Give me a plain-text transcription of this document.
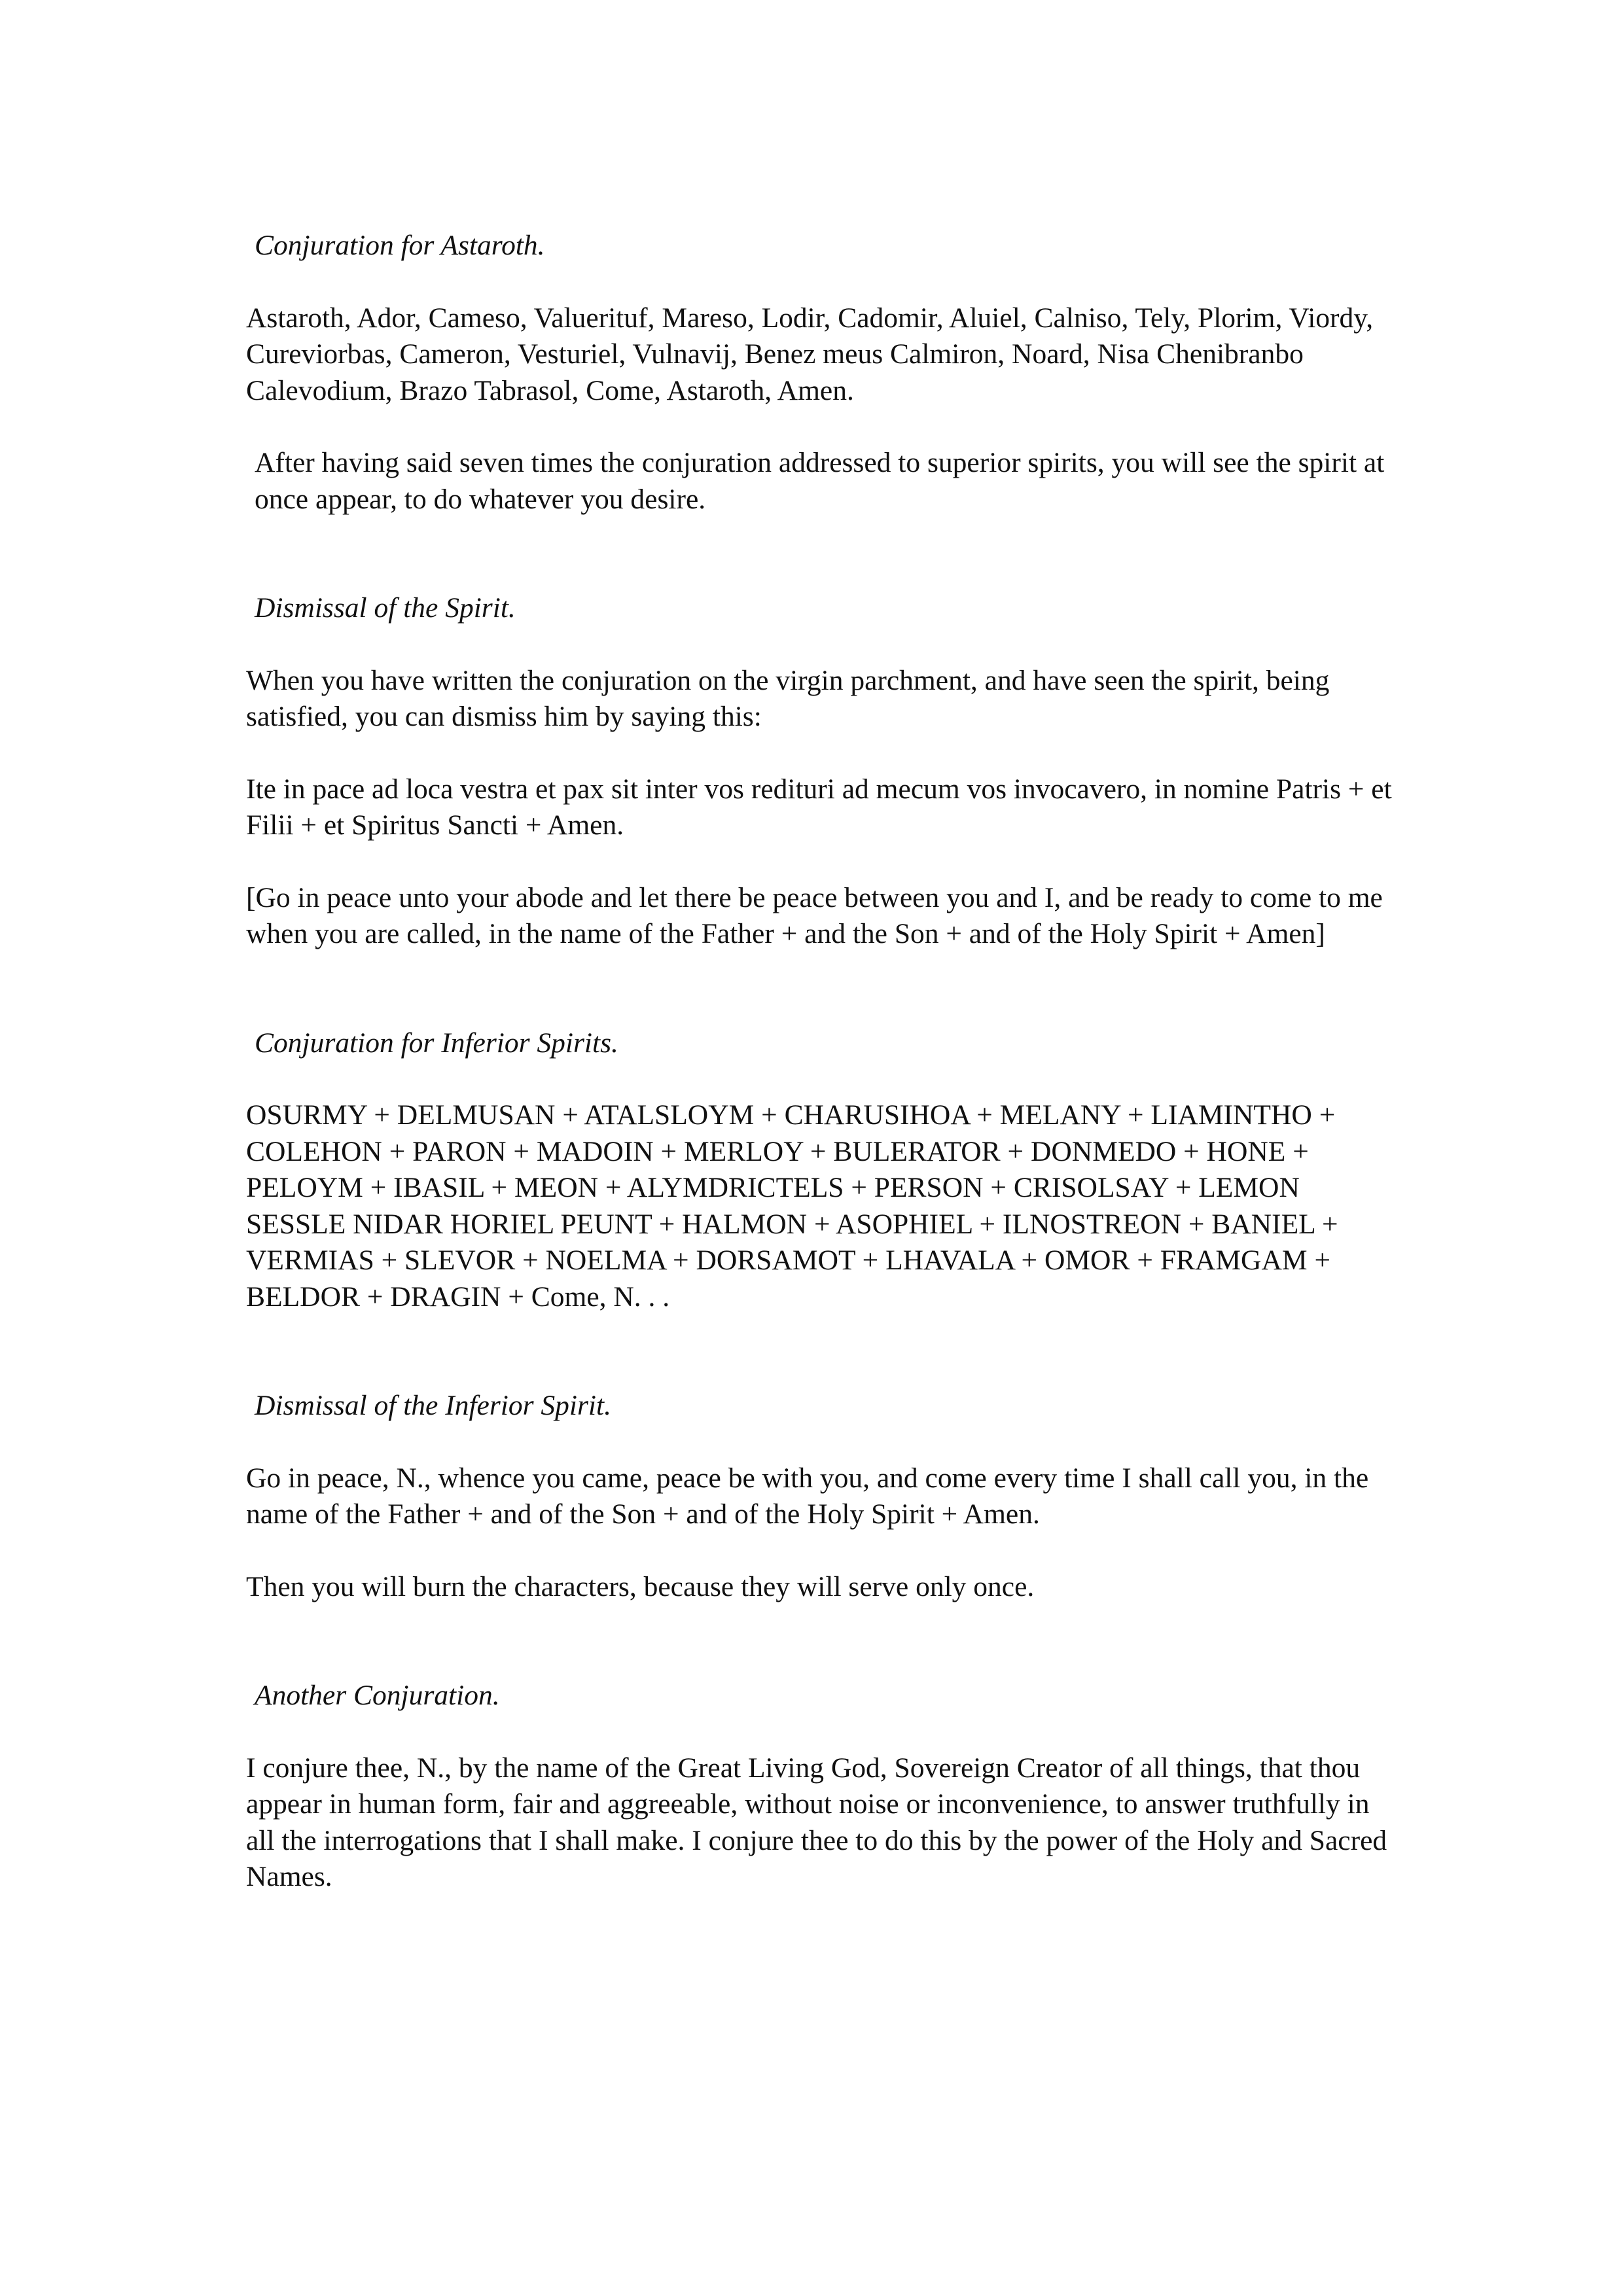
Conjuration for Astaroth.

Astaroth, Ador, Cameso, Valuerituf, Mareso, Lodir, Cadomir, Aluiel, Calniso, Tely, Plorim, Viordy, Cureviorbas, Cameron, Vesturiel, Vulnavij, Benez meus Calmiron, Noard, Nisa Chenibranbo Calevodium, Brazo Tabrasol, Come, Astaroth, Amen.

After having said seven times the conjuration addressed to superior spirits, you will see the spirit at once appear, to do whatever you desire.

Dismissal of the Spirit.

When you have written the conjuration on the virgin parchment, and have seen the spirit, being satisfied, you can dismiss him by saying this:

Ite in pace ad loca vestra et pax sit inter vos redituri ad mecum vos invocavero, in nomine Patris + et Filii + et Spiritus Sancti + Amen.

[Go in peace unto your abode and let there be peace between you and I, and be ready to come to me when you are called, in the name of the Father + and the Son + and of the Holy Spirit + Amen]

Conjuration for Inferior Spirits.

OSURMY + DELMUSAN + ATALSLOYM + CHARUSIHOA + MELANY + LIAMINTHO + COLEHON + PARON + MADOIN + MERLOY + BULERATOR + DONMEDO + HONE + PELOYM + IBASIL + MEON + ALYMDRICTELS + PERSON + CRISOLSAY + LEMON SESSLE NIDAR HORIEL PEUNT + HALMON + ASOPHIEL + ILNOSTREON + BANIEL + VERMIAS + SLEVOR + NOELMA + DORSAMOT + LHAVALA + OMOR + FRAMGAM + BELDOR + DRAGIN + Come, N. . .

Dismissal of the Inferior Spirit.

Go in peace, N., whence you came, peace be with you, and come every time I shall call you, in the name of the Father + and of the Son + and of the Holy Spirit + Amen.

Then you will burn the characters, because they will serve only once.

Another Conjuration.

I conjure thee, N., by the name of the Great Living God, Sovereign Creator of all things, that thou appear in human form, fair and aggreeable, without noise or inconvenience, to answer truthfully in all the interrogations that I shall make. I conjure thee to do this by the power of the Holy and Sacred Names.
